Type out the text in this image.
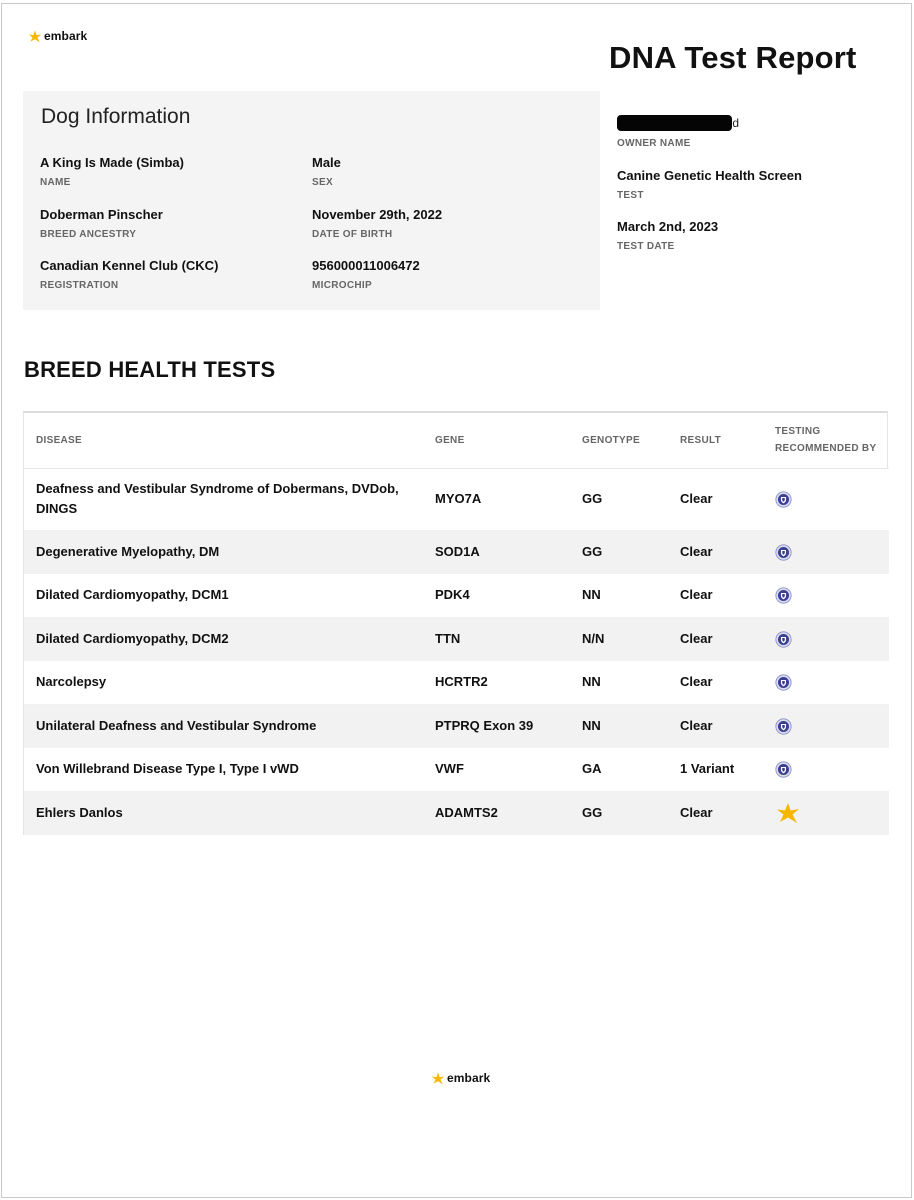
embark
DNA Test Report
Dog Information
A King Is Made (Simba)
NAME
Male
SEX
Doberman Pinscher
BREED ANCESTRY
November 29th, 2022
DATE OF BIRTH
Canadian Kennel Club (CKC)
REGISTRATION
956000011006472
MICROCHIP
d
OWNER NAME
Canine Genetic Health Screen
TEST
March 2nd, 2023
TEST DATE
BREED HEALTH TESTS
DISEASE	GENE	GENOTYPE	RESULT	TESTING
RECOMMENDED BY
Deafness and Vestibular Syndrome of Dobermans, DVDob, DINGS	MYO7A	GG	Clear	
Degenerative Myelopathy, DM	SOD1A	GG	Clear	
Dilated Cardiomyopathy, DCM1	PDK4	NN	Clear	
Dilated Cardiomyopathy, DCM2	TTN	N/N	Clear	
Narcolepsy	HCRTR2	NN	Clear	
Unilateral Deafness and Vestibular Syndrome	PTPRQ Exon 39	NN	Clear	
Von Willebrand Disease Type I, Type I vWD	VWF	GA	1 Variant	
Ehlers Danlos	ADAMTS2	GG	Clear	
embark
